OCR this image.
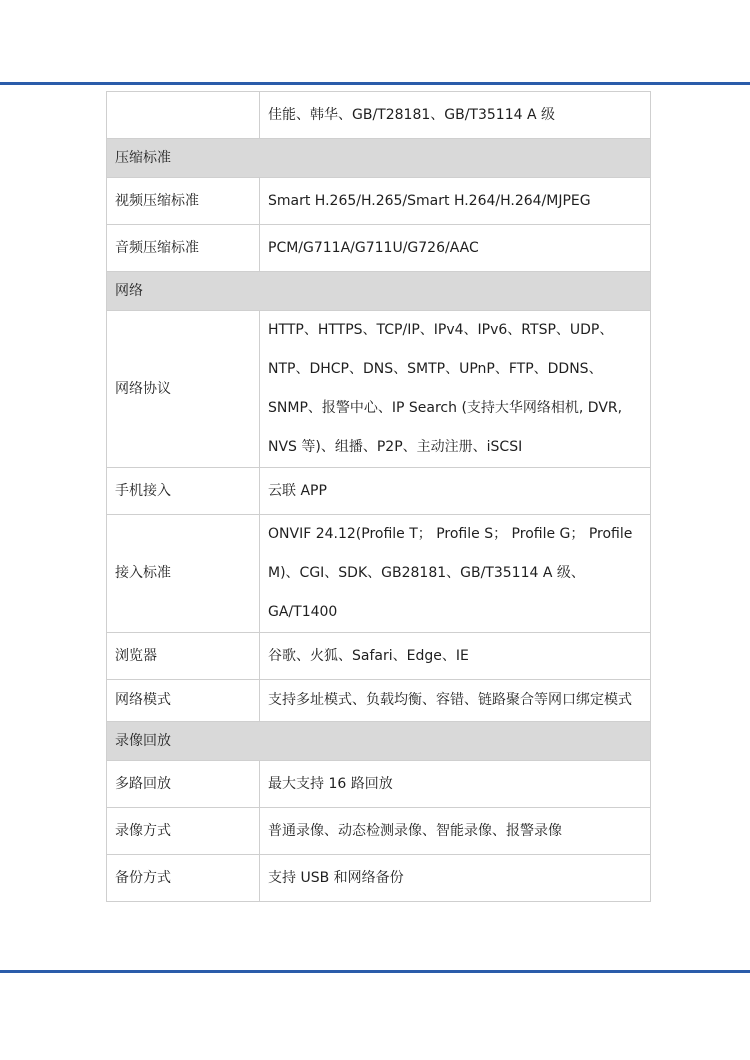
	佳能、韩华、GB/T28181、GB/T35114 A 级
压缩标准	
视频压缩标准	Smart H.265/H.265/Smart H.264/H.264/MJPEG
音频压缩标准	PCM/G711A/G711U/G726/AAC
网络	
网络协议	HTTP、HTTPS、TCP/IP、IPv4、IPv6、RTSP、UDP、NTP、DHCP、DNS、SMTP、UPnP、FTP、DDNS、SNMP、报警中心、IP Search (支持大华网络相机, DVR, NVS 等)、组播、P2P、主动注册、iSCSI
手机接入	云联 APP
接入标准	ONVIF 24.12(Profile T； Profile S； Profile G； Profile M)、CGI、SDK、GB28181、GB/T35114 A 级、GA/T1400
浏览器	谷歌、火狐、Safari、Edge、IE
网络模式	支持多址模式、负载均衡、容错、链路聚合等网口绑定模式
录像回放	
多路回放	最大支持 16 路回放
录像方式	普通录像、动态检测录像、智能录像、报警录像
备份方式	支持 USB 和网络备份
